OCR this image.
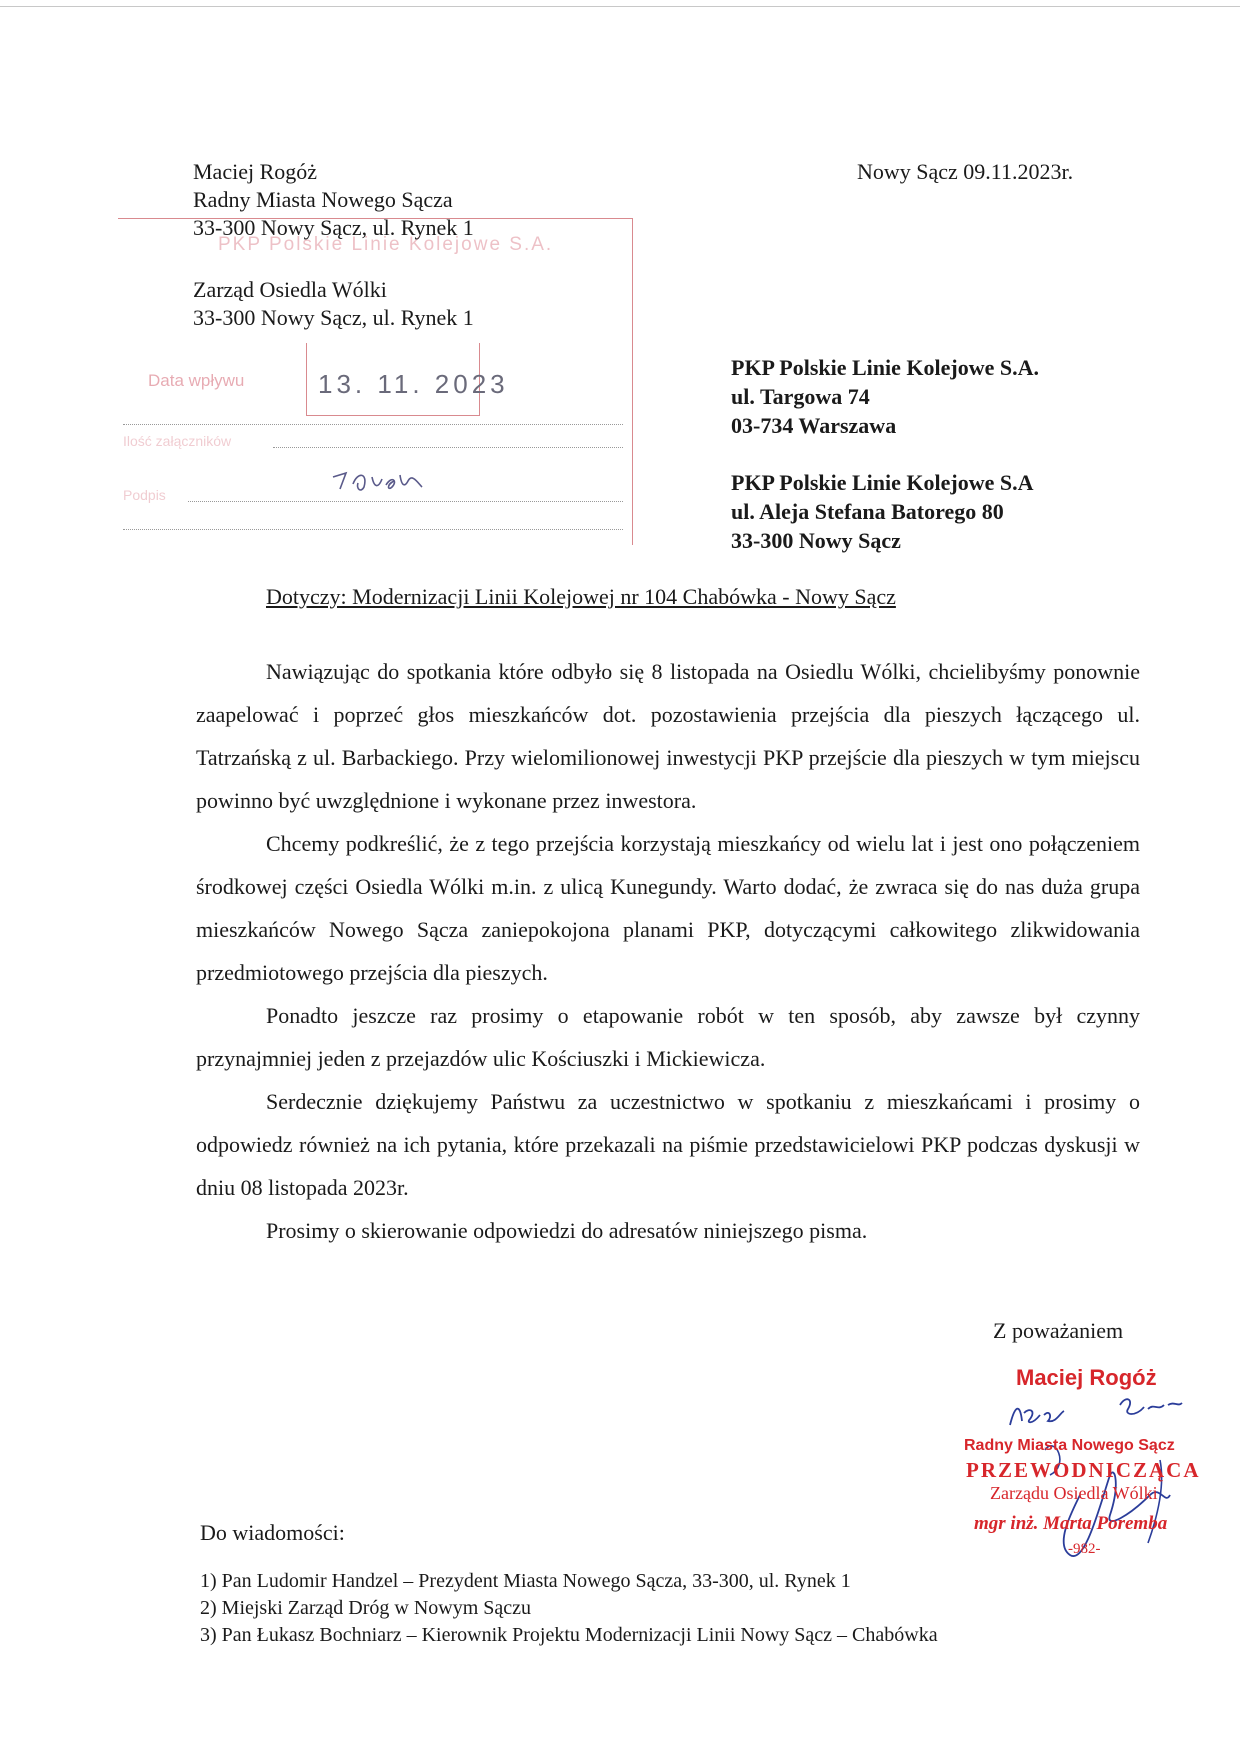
PKP Polskie Linie Kolejowe S.A.
Data wpływu	13. 11. 2023
Ilość załączników
Podpis
Maciej Rogóż
Radny Miasta Nowego Sącza
33-300 Nowy Sącz, ul. Rynek 1
Nowy Sącz 09.11.2023r.
Zarząd Osiedla Wólki
33-300 Nowy Sącz, ul. Rynek 1
PKP Polskie Linie Kolejowe S.A.
ul. Targowa 74
03-734 Warszawa
PKP Polskie Linie Kolejowe S.A
ul. Aleja Stefana Batorego 80
33-300 Nowy Sącz
Dotyczy: Modernizacji Linii Kolejowej nr 104 Chabówka - Nowy Sącz

Nawiązując do spotkania które odbyło się 8 listopada na Osiedlu Wólki, chcielibyśmy ponownie zaapelować i poprzeć głos mieszkańców dot. pozostawienia przejścia dla pieszych łączącego ul. Tatrzańską z ul. Barbackiego. Przy wielomilionowej inwestycji PKP przejście dla pieszych w tym miejscu powinno być uwzględnione i wykonane przez inwestora.

Chcemy podkreślić, że z tego przejścia korzystają mieszkańcy od wielu lat i jest ono połączeniem środkowej części Osiedla Wólki m.in. z ulicą Kunegundy. Warto dodać, że zwraca się do nas duża grupa mieszkańców Nowego Sącza zaniepokojona planami PKP, dotyczącymi całkowitego zlikwidowania przedmiotowego przejścia dla pieszych.

Ponadto jeszcze raz prosimy o etapowanie robót w ten sposób, aby zawsze był czynny przynajmniej jeden z przejazdów ulic Kościuszki i Mickiewicza.

Serdecznie dziękujemy Państwu za uczestnictwo w spotkaniu z mieszkańcami i prosimy o odpowiedz również na ich pytania, które przekazali na piśmie przedstawicielowi PKP podczas dyskusji w dniu 08 listopada 2023r.

Prosimy o skierowanie odpowiedzi do adresatów niniejszego pisma.

Z poważaniem
Maciej Rogóż
Radny Miasta Nowego Sącz
PRZEWODNICZĄCA
Zarządu Osiedla Wólki
mgr inż. Marta Poremba
-982-
Do wiadomości:
1) Pan Ludomir Handzel – Prezydent Miasta Nowego Sącza, 33-300, ul. Rynek 1
2) Miejski Zarząd Dróg w Nowym Sączu
3) Pan Łukasz Bochniarz – Kierownik Projektu Modernizacji Linii Nowy Sącz – Chabówka
